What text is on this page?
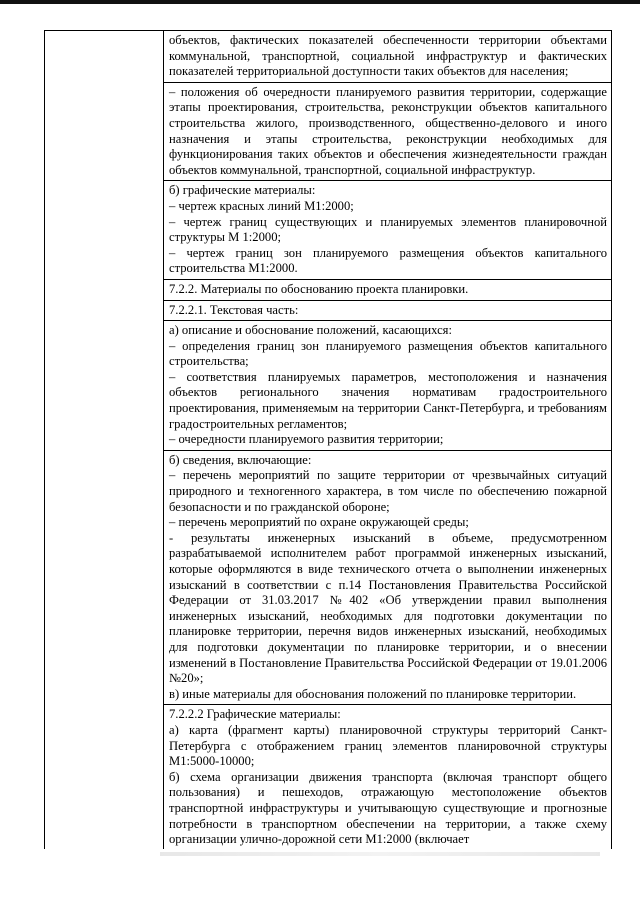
объектов, фактических показателей обеспеченности территории объектами коммунальной, транспортной, социальной инфраструктур и фактических показателей территориальной доступности таких объектов для населения;

– положения об очередности планируемого развития территории, содержащие этапы проектирования, строительства, реконструкции объектов капитального строительства жилого, производственного, общественно-делового и иного назначения и этапы строительства, реконструкции необходимых для функционирования таких объектов и обеспечения жизнедеятельности граждан объектов коммунальной, транспортной, социальной инфраструктур.

б) графические материалы:

– чертеж красных линий М1:2000;

– чертеж границ существующих и планируемых элементов планировочной структуры М 1:2000;

– чертеж границ зон планируемого размещения объектов капитального строительства М1:2000.

7.2.2. Материалы по обоснованию проекта планировки.

7.2.2.1. Текстовая часть:

а) описание и обоснование положений, касающихся:

– определения границ зон планируемого размещения объектов капитального строительства;

– соответствия планируемых параметров, местоположения и назначения объектов регионального значения нормативам градостроительного проектирования, применяемым на территории Санкт-Петербурга, и требованиям градостроительных регламентов;

– очередности планируемого развития территории;

б) сведения, включающие:

– перечень мероприятий по защите территории от чрезвычайных ситуаций природного и техногенного характера, в том числе по обеспечению пожарной безопасности и по гражданской обороне;

– перечень мероприятий по охране окружающей среды;

- результаты инженерных изысканий в объеме, предусмотренном разрабатываемой исполнителем работ программой инженерных изысканий, которые оформляются в виде технического отчета о выполнении инженерных изысканий в соответствии с п.14 Постановления Правительства Российской Федерации от 31.03.2017 №402 «Об утверждении правил выполнения инженерных изысканий, необходимых для подготовки документации по планировке территории, перечня видов инженерных изысканий, необходимых для подготовки документации по планировке территории, и о внесении изменений в Постановление Правительства Российской Федерации от 19.01.2006 №20»;

в) иные материалы для обоснования положений по планировке территории.

7.2.2.2 Графические материалы:

а) карта (фрагмент карты) планировочной структуры территорий Санкт-Петербурга с отображением границ элементов планировочной структуры М1:5000-10000;

б) схема организации движения транспорта (включая транспорт общего пользования) и пешеходов, отражающую местоположение объектов транспортной инфраструктуры и учитывающую существующие и прогнозные потребности в транспортном обеспечении на территории, а также схему организации улично-дорожной сети М1:2000 (включает
